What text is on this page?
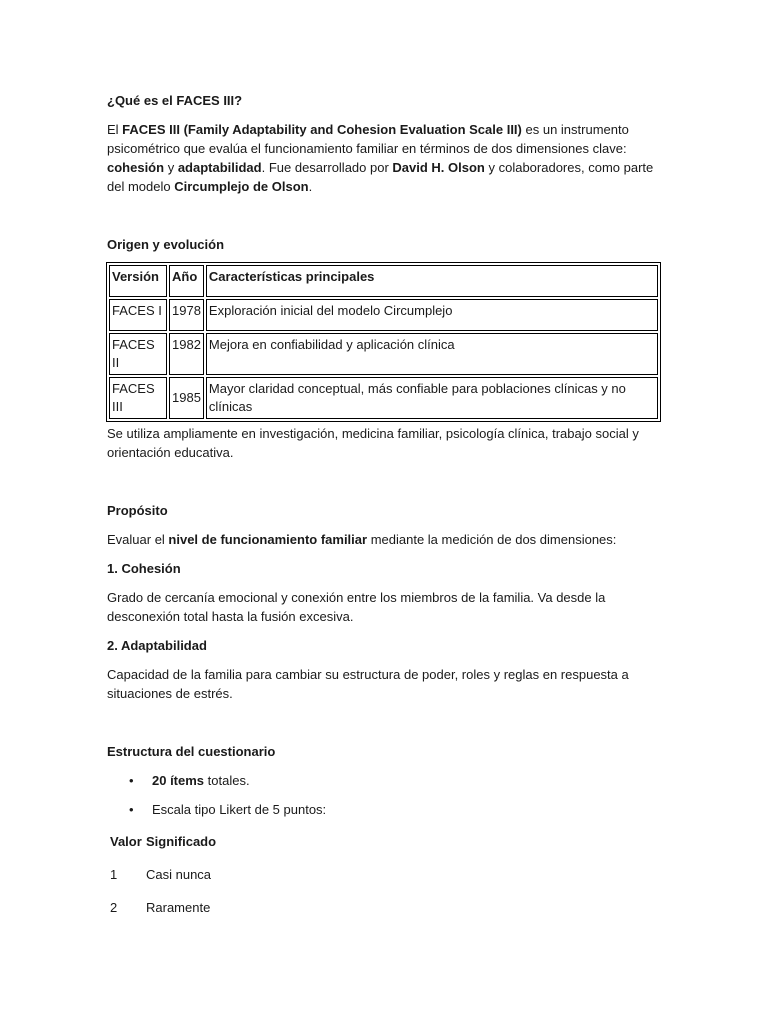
¿Qué es el FACES III?

El FACES III (Family Adaptability and Cohesion Evaluation Scale III) es un instrumento psicométrico que evalúa el funcionamiento familiar en términos de dos dimensiones clave: cohesión y adaptabilidad. Fue desarrollado por David H. Olson y colaboradores, como parte del modelo Circumplejo de Olson.

Origen y evolución

Versión	Año	Características principales
FACES I	1978	Exploración inicial del modelo Circumplejo
FACES II	1982	Mejora en confiabilidad y aplicación clínica
FACES III	1985	Mayor claridad conceptual, más confiable para poblaciones clínicas y no clínicas

Se utiliza ampliamente en investigación, medicina familiar, psicología clínica, trabajo social y orientación educativa.

Propósito

Evaluar el nivel de funcionamiento familiar mediante la medición de dos dimensiones:

1. Cohesión

Grado de cercanía emocional y conexión entre los miembros de la familia. Va desde la desconexión total hasta la fusión excesiva.

2. Adaptabilidad

Capacidad de la familia para cambiar su estructura de poder, roles y reglas en respuesta a situaciones de estrés.

Estructura del cuestionario

• 20 ítems totales.
• Escala tipo Likert de 5 puntos:
Valor	Significado

1	Casi nunca

2	Raramente
